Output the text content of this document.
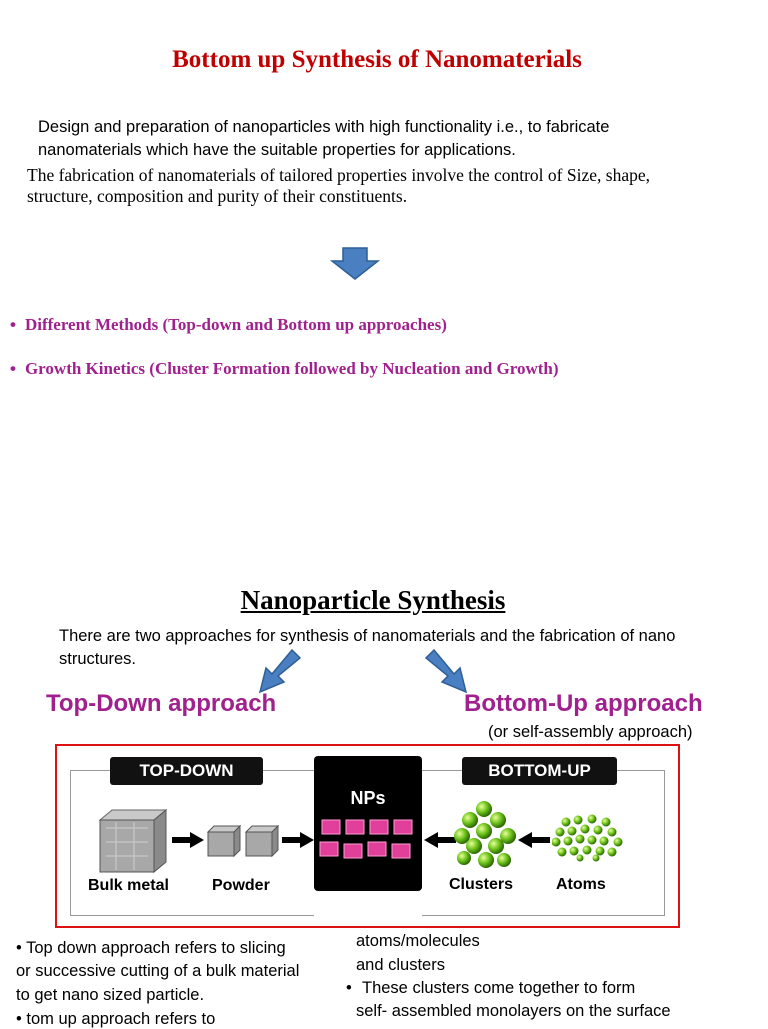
Bottom up Synthesis of Nanomaterials
Design and preparation of nanoparticles with high functionality i.e., to fabricate
nanomaterials which have the suitable properties for applications.
The fabrication of nanomaterials of tailored properties involve the control of Size, shape,
structure, composition and purity of their constituents.
• Different Methods (Top-down and Bottom up approaches)
• Growth Kinetics (Cluster Formation followed by Nucleation and Growth)
Nanoparticle Synthesis
There are two approaches for synthesis of nanomaterials and the fabrication of nano
structures.
Top-Down approach	Bottom-Up approach
(or self-assembly approach)
TOP-DOWN	BOTTOM-UP
NPs
Bulk metal	Powder	Clusters	Atoms
• Top down approach refers to slicing
or successive cutting of a bulk material
to get nano sized particle.
• tom up approach refers to
atoms/molecules
and clusters
• These clusters come together to form
self- assembled monolayers on the surface
